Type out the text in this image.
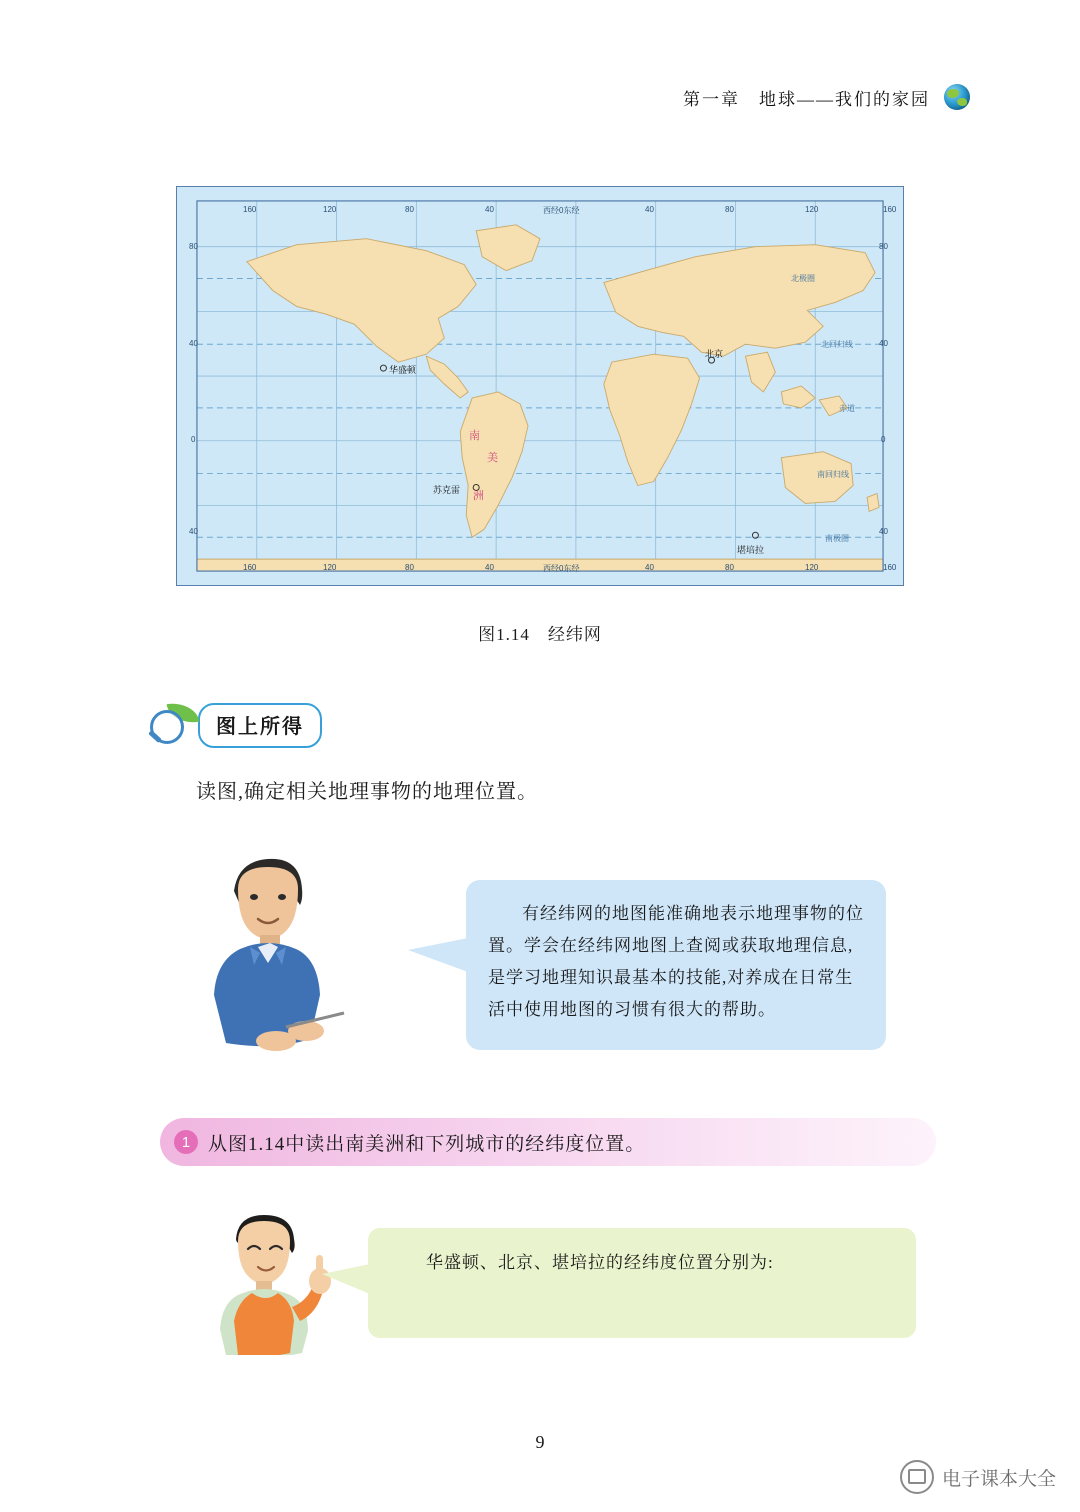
第一章　地球——我们的家园
160	120	80	40	西经0东经	40	80	120	160
160	120	80	40	西经0东经	40	80	120	160
80
40
0
40
80
40
0
40
北极圈
北回归线
赤道
南回归线
南极圈
华盛顿
北京
苏克雷
堪培拉
南
美
洲
图1.14　经纬网
图上所得
读图,确定相关地理事物的地理位置。

有经纬网的地图能准确地表示地理事物的位置。学会在经纬网地图上查阅或获取地理信息,是学习地理知识最基本的技能,对养成在日常生活中使用地图的习惯有很大的帮助。

1 从图1.14中读出南美洲和下列城市的经纬度位置。

华盛顿、北京、堪培拉的经纬度位置分别为:

9
电子课本大全
